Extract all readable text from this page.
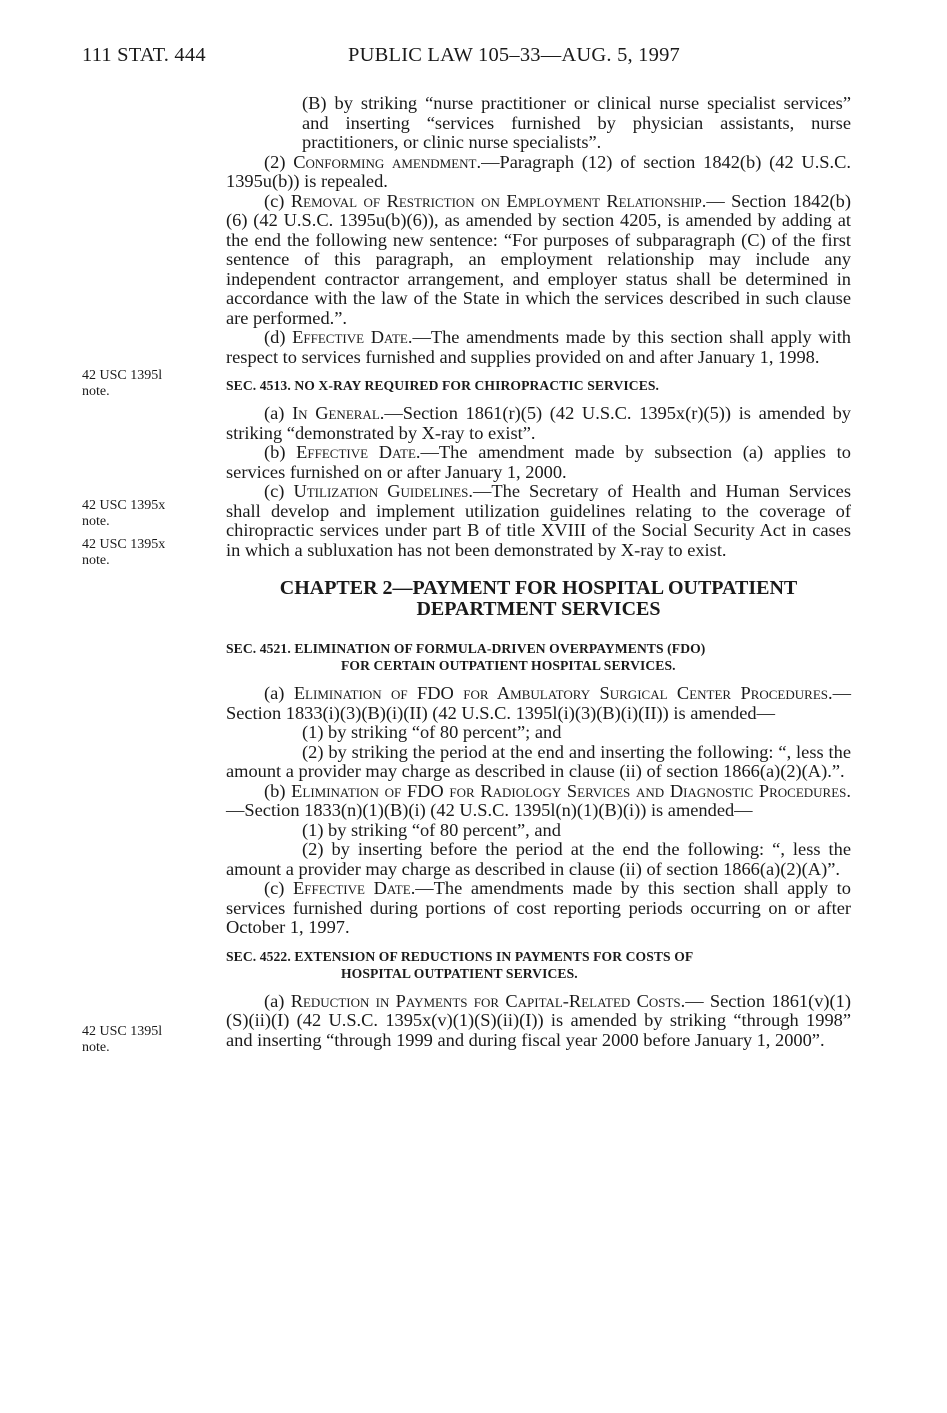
111 STAT. 444	PUBLIC LAW 105–33—AUG. 5, 1997
42 USC 1395l
note.
42 USC 1395x
note.
42 USC 1395x
note.
42 USC 1395l
note.

(B) by striking “nurse practitioner or clinical nurse specialist services” and inserting “services furnished by physician assistants, nurse practitioners, or clinic nurse specialists”.

(2) Conforming amendment.—Paragraph (12) of section 1842(b) (42 U.S.C. 1395u(b)) is repealed.

(c) Removal of Restriction on Employment Relationship.— Section 1842(b)(6) (42 U.S.C. 1395u(b)(6)), as amended by section 4205, is amended by adding at the end the following new sentence: “For purposes of subparagraph (C) of the first sentence of this paragraph, an employment relationship may include any independent contractor arrangement, and employer status shall be determined in accordance with the law of the State in which the services described in such clause are performed.”.

(d) Effective Date.—The amendments made by this section shall apply with respect to services furnished and supplies provided on and after January 1, 1998.

SEC. 4513. NO X-RAY REQUIRED FOR CHIROPRACTIC SERVICES.

(a) In General.—Section 1861(r)(5) (42 U.S.C. 1395x(r)(5)) is amended by striking “demonstrated by X-ray to exist”.

(b) Effective Date.—The amendment made by subsection (a) applies to services furnished on or after January 1, 2000.

(c) Utilization Guidelines.—The Secretary of Health and Human Services shall develop and implement utilization guidelines relating to the coverage of chiropractic services under part B of title XVIII of the Social Security Act in cases in which a subluxation has not been demonstrated by X-ray to exist.

CHAPTER 2—PAYMENT FOR HOSPITAL OUTPATIENT
DEPARTMENT SERVICES
SEC. 4521. ELIMINATION OF FORMULA-DRIVEN OVERPAYMENTS (FDO)
FOR CERTAIN OUTPATIENT HOSPITAL SERVICES.

(a) Elimination of FDO for Ambulatory Surgical Center Procedures.—Section 1833(i)(3)(B)(i)(II) (42 U.S.C. 1395l(i)(3)(B)(i)(II)) is amended—

(1) by striking “of 80 percent”; and

(2) by striking the period at the end and inserting the following: “, less the amount a provider may charge as described in clause (ii) of section 1866(a)(2)(A).”.

(b) Elimination of FDO for Radiology Services and Diagnostic Procedures.—Section 1833(n)(1)(B)(i) (42 U.S.C. 1395l(n)(1)(B)(i)) is amended—

(1) by striking “of 80 percent”, and

(2) by inserting before the period at the end the following: “, less the amount a provider may charge as described in clause (ii) of section 1866(a)(2)(A)”.

(c) Effective Date.—The amendments made by this section shall apply to services furnished during portions of cost reporting periods occurring on or after October 1, 1997.

SEC. 4522. EXTENSION OF REDUCTIONS IN PAYMENTS FOR COSTS OF
HOSPITAL OUTPATIENT SERVICES.

(a) Reduction in Payments for Capital-Related Costs.— Section 1861(v)(1)(S)(ii)(I) (42 U.S.C. 1395x(v)(1)(S)(ii)(I)) is amended by striking “through 1998” and inserting “through 1999 and during fiscal year 2000 before January 1, 2000”.
